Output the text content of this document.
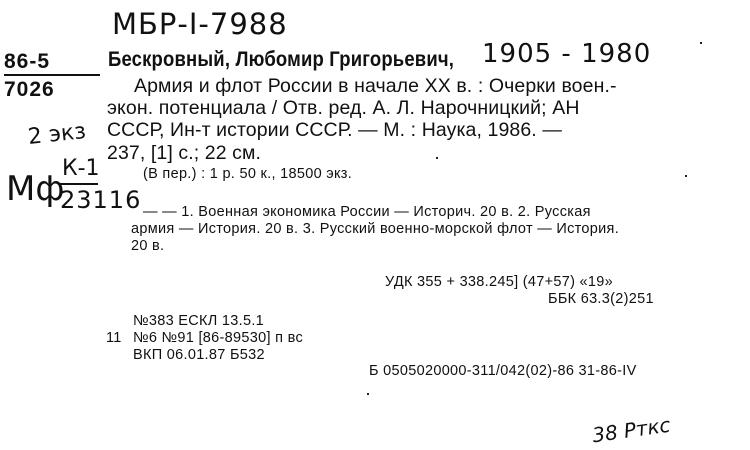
МБР-I-7988
86-5
7026
Бескровный, Любомир Григорьевич, 1905 - 1980
Армия и флот России в начале XX в. : Очерки воен.-
экон. потенциала / Отв. ред. А. Л. Нарочницкий; АН
СССР, Ин-т истории СССР. — М. : Наука, 1986. —
237, [1] с.; 22 см.
(В пер.) : 1 р. 50 к., 18500 экз.
2 экз
К-1
Мф
23116 — — 1. Военная экономика России — Историч. 20 в. 2. Русская
армия — История. 20 в. 3. Русский военно-морской флот — История.
20 в.
УДК 355 + 338.245] (47+57) «19»
ББК 63.3(2)251
№383 ЕСКЛ 13.5.1
11 №6 №91 [86-89530] п вс
ВКП 06.01.87 Б532
Б 0505020000-311/042(02)-86 31-86-IV
38 Рткс
